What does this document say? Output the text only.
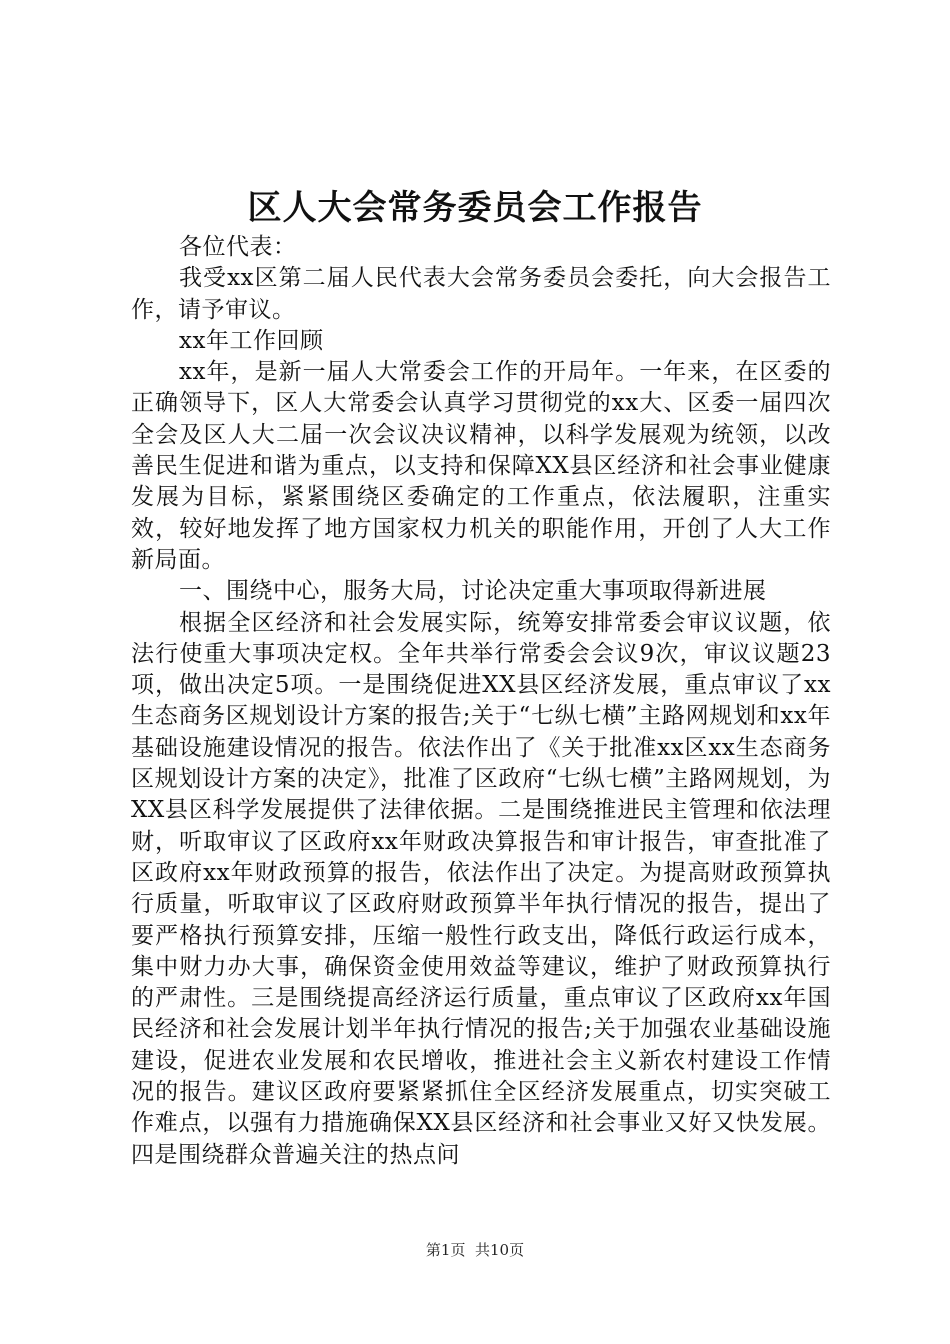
区人大会常务委员会工作报告

各位代表：

我受xx区第二届人民代表大会常务委员会委托，向大会报告工作，请予审议。

xx年工作回顾

xx年，是新一届人大常委会工作的开局年。一年来，在区委的正确领导下，区人大常委会认真学习贯彻党的xx大、区委一届四次全会及区人大二届一次会议决议精神，以科学发展观为统领，以改善民生促进和谐为重点，以支持和保障XX县区经济和社会事业健康发展为目标，紧紧围绕区委确定的工作重点，依法履职，注重实效，较好地发挥了地方国家权力机关的职能作用，开创了人大工作新局面。

一、围绕中心，服务大局，讨论决定重大事项取得新进展

根据全区经济和社会发展实际，统筹安排常委会审议议题，依法行使重大事项决定权。全年共举行常委会会议9次，审议议题23项，做出决定5项。一是围绕促进XX县区经济发展，重点审议了xx生态商务区规划设计方案的报告;关于“七纵七横”主路网规划和xx年基础设施建设情况的报告。依法作出了《关于批准xx区xx生态商务区规划设计方案的决定》，批准了区政府“七纵七横”主路网规划，为XX县区科学发展提供了法律依据。二是围绕推进民主管理和依法理财，听取审议了区政府xx年财政决算报告和审计报告，审查批准了区政府xx年财政预算的报告，依法作出了决定。为提高财政预算执行质量，听取审议了区政府财政预算半年执行情况的报告，提出了要严格执行预算安排，压缩一般性行政支出，降低行政运行成本，集中财力办大事，确保资金使用效益等建议，维护了财政预算执行的严肃性。三是围绕提高经济运行质量，重点审议了区政府xx年国民经济和社会发展计划半年执行情况的报告;关于加强农业基础设施建设，促进农业发展和农民增收，推进社会主义新农村建设工作情况的报告。建议区政府要紧紧抓住全区经济发展重点，切实突破工作难点，以强有力措施确保XX县区经济和社会事业又好又快发展。四是围绕群众普遍关注的热点问

第1页  共10页
